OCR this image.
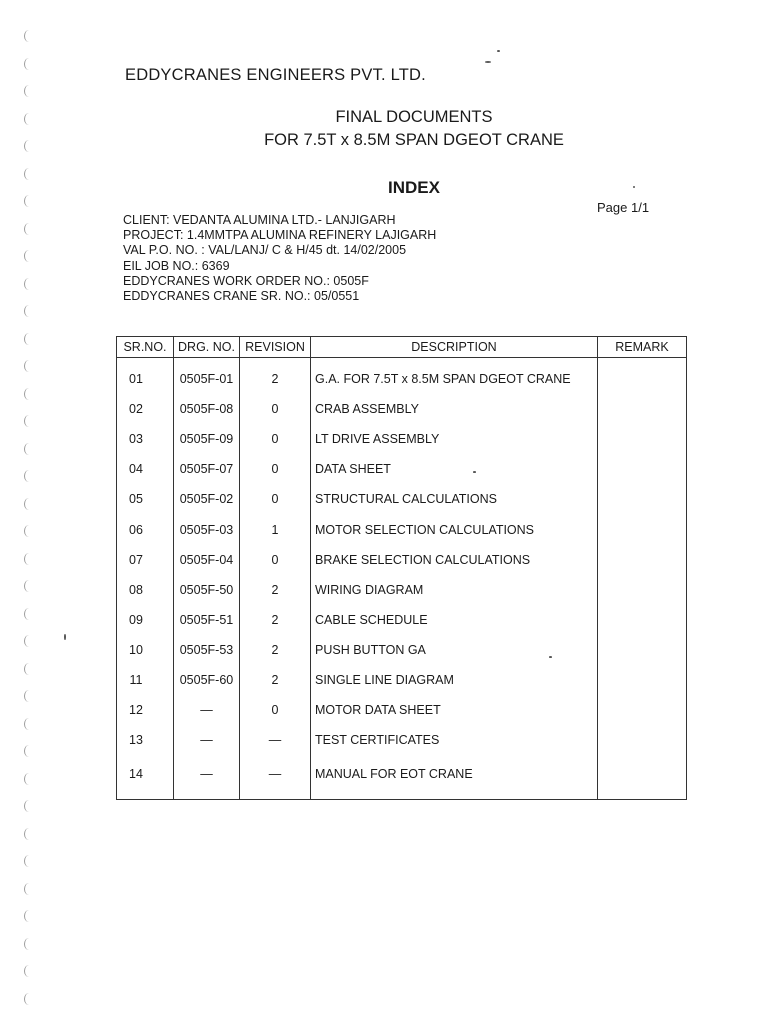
EDDYCRANES ENGINEERS PVT. LTD.
FINAL DOCUMENTS
FOR 7.5T x 8.5M SPAN DGEOT CRANE
INDEX
Page 1/1
CLIENT: VEDANTA ALUMINA LTD.- LANJIGARH
PROJECT: 1.4MMTPA ALUMINA REFINERY LAJIGARH
VAL P.O. NO. : VAL/LANJ/ C & H/45 dt. 14/02/2005
EIL JOB NO.: 6369
EDDYCRANES WORK ORDER NO.: 0505F
EDDYCRANES CRANE SR. NO.: 05/0551
SR.NO.	DRG. NO.	REVISION	DESCRIPTION	REMARK
01	0505F-01	2	G.A. FOR 7.5T x 8.5M SPAN DGEOT CRANE	
02	0505F-08	0	CRAB ASSEMBLY	
03	0505F-09	0	LT DRIVE ASSEMBLY	
04	0505F-07	0	DATA SHEET	
05	0505F-02	0	STRUCTURAL CALCULATIONS	
06	0505F-03	1	MOTOR SELECTION CALCULATIONS	
07	0505F-04	0	BRAKE SELECTION CALCULATIONS	
08	0505F-50	2	WIRING DIAGRAM	
09	0505F-51	2	CABLE SCHEDULE	
10	0505F-53	2	PUSH BUTTON GA	
11	0505F-60	2	SINGLE LINE DIAGRAM	
12	—	0	MOTOR DATA SHEET	
13	—	—	TEST CERTIFICATES	
14	—	—	MANUAL FOR EOT CRANE	
